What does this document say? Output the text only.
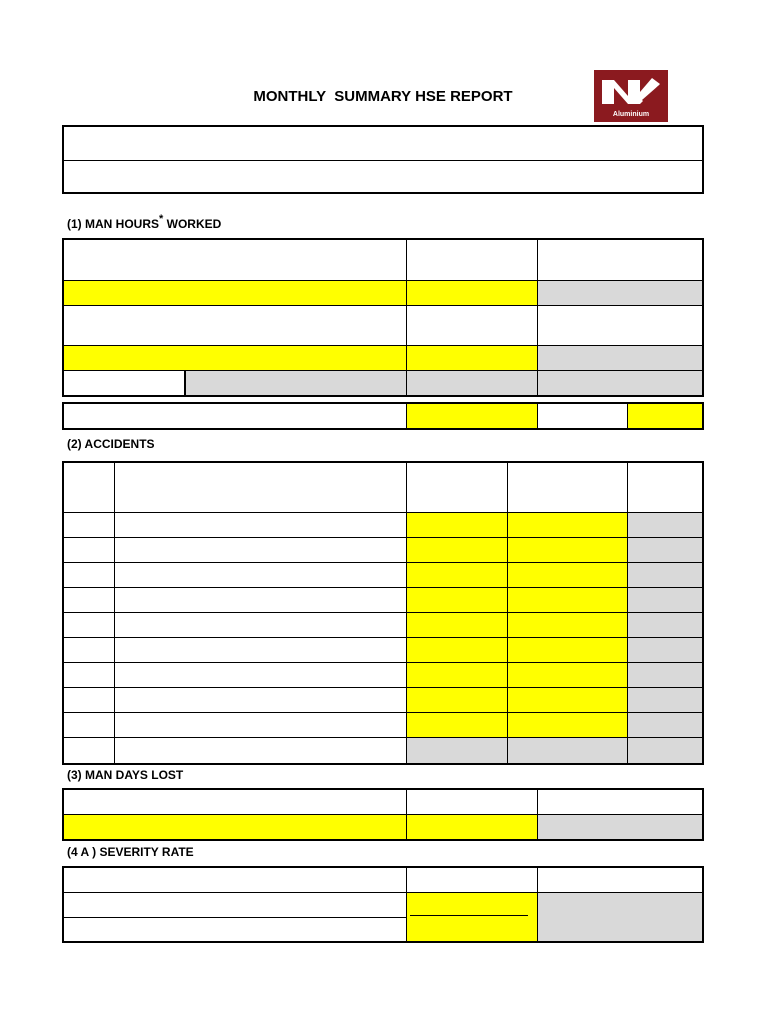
MONTHLY  SUMMARY HSE REPORT
Aluminium
(1) MAN HOURS* WORKED
(2) ACCIDENTS
(3) MAN DAYS LOST
(4 A ) SEVERITY RATE
